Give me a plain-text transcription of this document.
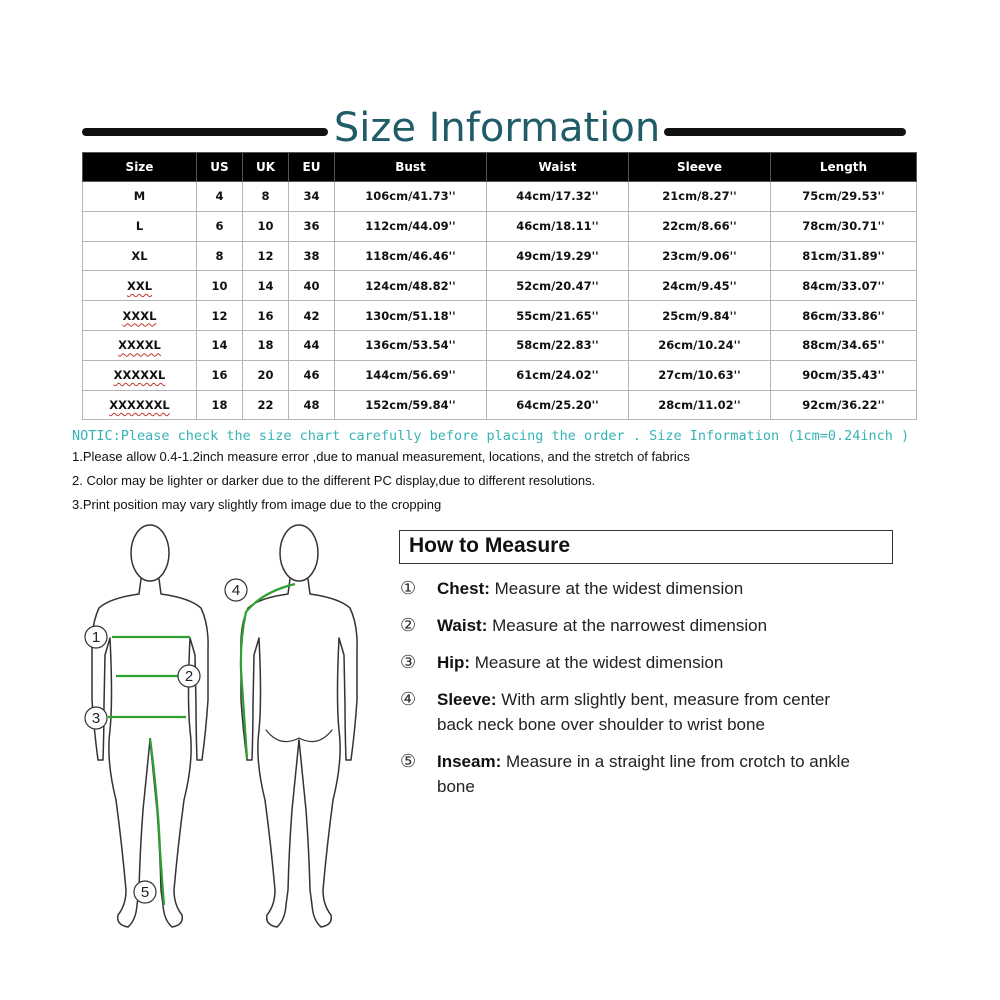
Size Information
Size	US	UK	EU	Bust	Waist	Sleeve	Length
M	4	8	34	106cm/41.73''	44cm/17.32''	21cm/8.27''	75cm/29.53''
L	6	10	36	112cm/44.09''	46cm/18.11''	22cm/8.66''	78cm/30.71''
XL	8	12	38	118cm/46.46''	49cm/19.29''	23cm/9.06''	81cm/31.89''
XXL	10	14	40	124cm/48.82''	52cm/20.47''	24cm/9.45''	84cm/33.07''
XXXL	12	16	42	130cm/51.18''	55cm/21.65''	25cm/9.84''	86cm/33.86''
XXXXL	14	18	44	136cm/53.54''	58cm/22.83''	26cm/10.24''	88cm/34.65''
XXXXXL	16	20	46	144cm/56.69''	61cm/24.02''	27cm/10.63''	90cm/35.43''
XXXXXXL	18	22	48	152cm/59.84''	64cm/25.20''	28cm/11.02''	92cm/36.22''
NOTIC:Please check the size chart carefully before placing the order . Size Information (1cm=0.24inch )
1.Please allow 0.4-1.2inch measure error ,due to manual measurement, locations, and the stretch of fabrics
2. Color may be lighter or darker due to the different PC display,due to different resolutions.
3.Print position may vary slightly from image due to the cropping
1
2
3
4
5
How to Measure
① Chest: Measure at the widest dimension
② Waist: Measure at the narrowest dimension
③ Hip: Measure at the widest dimension
④ Sleeve: With arm slightly bent, measure from center back neck bone over shoulder to wrist bone
⑤ Inseam: Measure in a straight line from crotch to ankle bone
